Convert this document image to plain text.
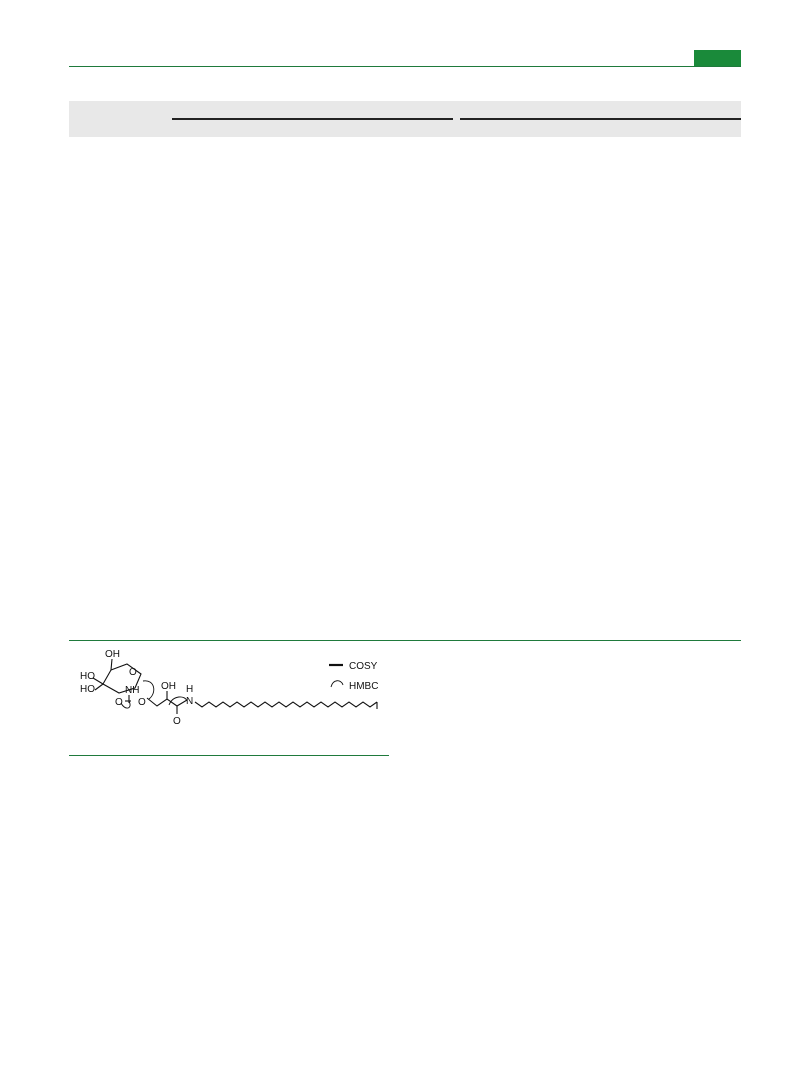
OH
HO
HO
O
NH
O O
OH
O
H
N
COSY
HMBC
